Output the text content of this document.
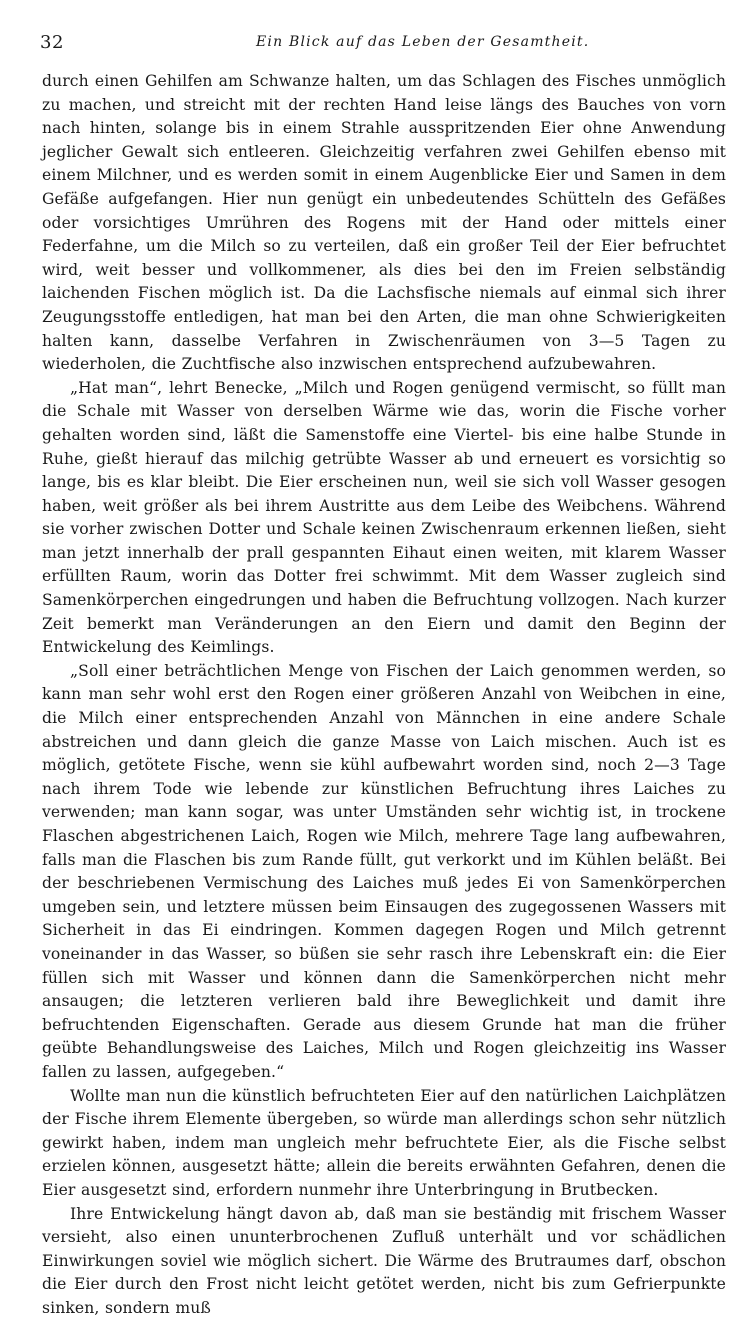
32	Ein Blick auf das Leben der Gesamtheit.

durch einen Gehilfen am Schwanze halten, um das Schlagen des Fisches unmöglich zu machen, und streicht mit der rechten Hand leise längs des Bauches von vorn nach hinten, solange bis in einem Strahle ausspritzenden Eier ohne Anwendung jeglicher Gewalt sich entleeren. Gleichzeitig verfahren zwei Gehilfen ebenso mit einem Milchner, und es werden somit in einem Augenblicke Eier und Samen in dem Gefäße aufgefangen. Hier nun genügt ein unbedeutendes Schütteln des Gefäßes oder vorsichtiges Umrühren des Rogens mit der Hand oder mittels einer Federfahne, um die Milch so zu verteilen, daß ein großer Teil der Eier befruchtet wird, weit besser und vollkommener, als dies bei den im Freien selbständig laichenden Fischen möglich ist. Da die Lachsfische niemals auf einmal sich ihrer Zeugungsstoffe entledigen, hat man bei den Arten, die man ohne Schwierigkeiten halten kann, dasselbe Verfahren in Zwischenräumen von 3—5 Tagen zu wiederholen, die Zuchtfische also inzwischen entsprechend aufzubewahren.

„Hat man“, lehrt Benecke, „Milch und Rogen genügend vermischt, so füllt man die Schale mit Wasser von derselben Wärme wie das, worin die Fische vorher gehalten worden sind, läßt die Samenstoffe eine Viertel- bis eine halbe Stunde in Ruhe, gießt hierauf das milchig getrübte Wasser ab und erneuert es vorsichtig so lange, bis es klar bleibt. Die Eier erscheinen nun, weil sie sich voll Wasser gesogen haben, weit größer als bei ihrem Austritte aus dem Leibe des Weibchens. Während sie vorher zwischen Dotter und Schale keinen Zwischenraum erkennen ließen, sieht man jetzt innerhalb der prall gespannten Eihaut einen weiten, mit klarem Wasser erfüllten Raum, worin das Dotter frei schwimmt. Mit dem Wasser zugleich sind Samenkörperchen eingedrungen und haben die Befruchtung vollzogen. Nach kurzer Zeit bemerkt man Veränderungen an den Eiern und damit den Beginn der Entwickelung des Keimlings.

„Soll einer beträchtlichen Menge von Fischen der Laich genommen werden, so kann man sehr wohl erst den Rogen einer größeren Anzahl von Weibchen in eine, die Milch einer entsprechenden Anzahl von Männchen in eine andere Schale abstreichen und dann gleich die ganze Masse von Laich mischen. Auch ist es möglich, getötete Fische, wenn sie kühl aufbewahrt worden sind, noch 2—3 Tage nach ihrem Tode wie lebende zur künstlichen Befruchtung ihres Laiches zu verwenden; man kann sogar, was unter Umständen sehr wichtig ist, in trockene Flaschen abgestrichenen Laich, Rogen wie Milch, mehrere Tage lang aufbewahren, falls man die Flaschen bis zum Rande füllt, gut verkorkt und im Kühlen beläßt. Bei der beschriebenen Vermischung des Laiches muß jedes Ei von Samenkörperchen umgeben sein, und letztere müssen beim Einsaugen des zugegossenen Wassers mit Sicherheit in das Ei eindringen. Kommen dagegen Rogen und Milch getrennt voneinander in das Wasser, so büßen sie sehr rasch ihre Lebenskraft ein: die Eier füllen sich mit Wasser und können dann die Samenkörperchen nicht mehr ansaugen; die letzteren verlieren bald ihre Beweglichkeit und damit ihre befruchtenden Eigenschaften. Gerade aus diesem Grunde hat man die früher geübte Behandlungsweise des Laiches, Milch und Rogen gleichzeitig ins Wasser fallen zu lassen, aufgegeben.“

Wollte man nun die künstlich befruchteten Eier auf den natürlichen Laichplätzen der Fische ihrem Elemente übergeben, so würde man allerdings schon sehr nützlich gewirkt haben, indem man ungleich mehr befruchtete Eier, als die Fische selbst erzielen können, ausgesetzt hätte; allein die bereits erwähnten Gefahren, denen die Eier ausgesetzt sind, erfordern nunmehr ihre Unterbringung in Brutbecken.

Ihre Entwickelung hängt davon ab, daß man sie beständig mit frischem Wasser versieht, also einen ununterbrochenen Zufluß unterhält und vor schädlichen Einwirkungen soviel wie möglich sichert. Die Wärme des Brutraumes darf, obschon die Eier durch den Frost nicht leicht getötet werden, nicht bis zum Gefrierpunkte sinken, sondern muß
